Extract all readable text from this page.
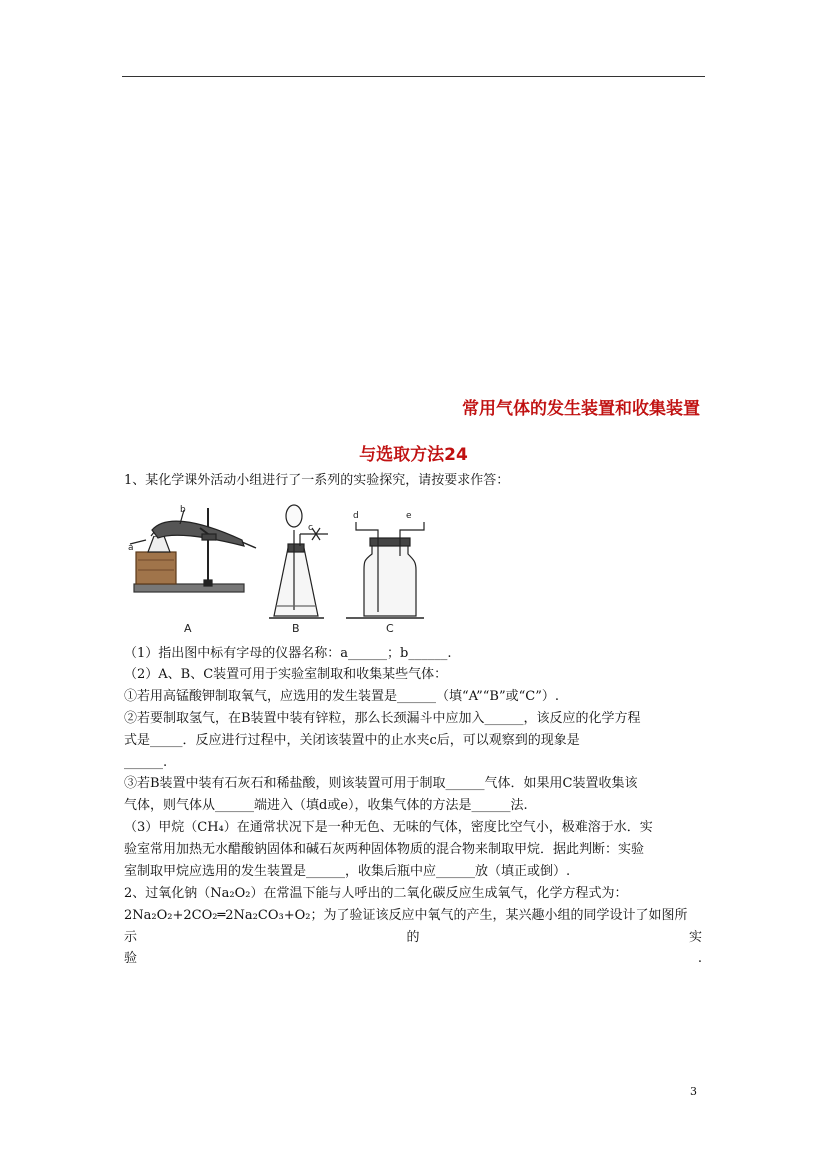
常用气体的发生装置和收集装置
与选取方法24
1、某化学课外活动小组进行了一系列的实验探究，请按要求作答：
a
b
A
c
B
d	e
C
（1）指出图中标有字母的仪器名称：a______；b______.
（2）A、B、C装置可用于实验室制取和收集某些气体：
①若用高锰酸钾制取氧气，应选用的发生装置是______（填“A”“B”或“C”）.
②若要制取氢气，在B装置中装有锌粒，那么长颈漏斗中应加入______，该反应的化学方程
式是_____．反应进行过程中，关闭该装置中的止水夹c后，可以观察到的现象是
______.
③若B装置中装有石灰石和稀盐酸，则该装置可用于制取______气体．如果用C装置收集该
气体，则气体从______端进入（填d或e），收集气体的方法是______法.
（3）甲烷（CH₄）在通常状况下是一种无色、无味的气体，密度比空气小，极难溶于水．实
验室常用加热无水醋酸钠固体和碱石灰两种固体物质的混合物来制取甲烷．据此判断：实验
室制取甲烷应选用的发生装置是______，收集后瓶中应______放（填正或倒）.
2、过氧化钠（Na₂O₂）在常温下能与人呼出的二氧化碳反应生成氧气，化学方程式为：
2Na₂O₂+2CO₂═2Na₂CO₃+O₂；为了验证该反应中氧气的产生，某兴趣小组的同学设计了如图所
示	的	实
验	.
3
